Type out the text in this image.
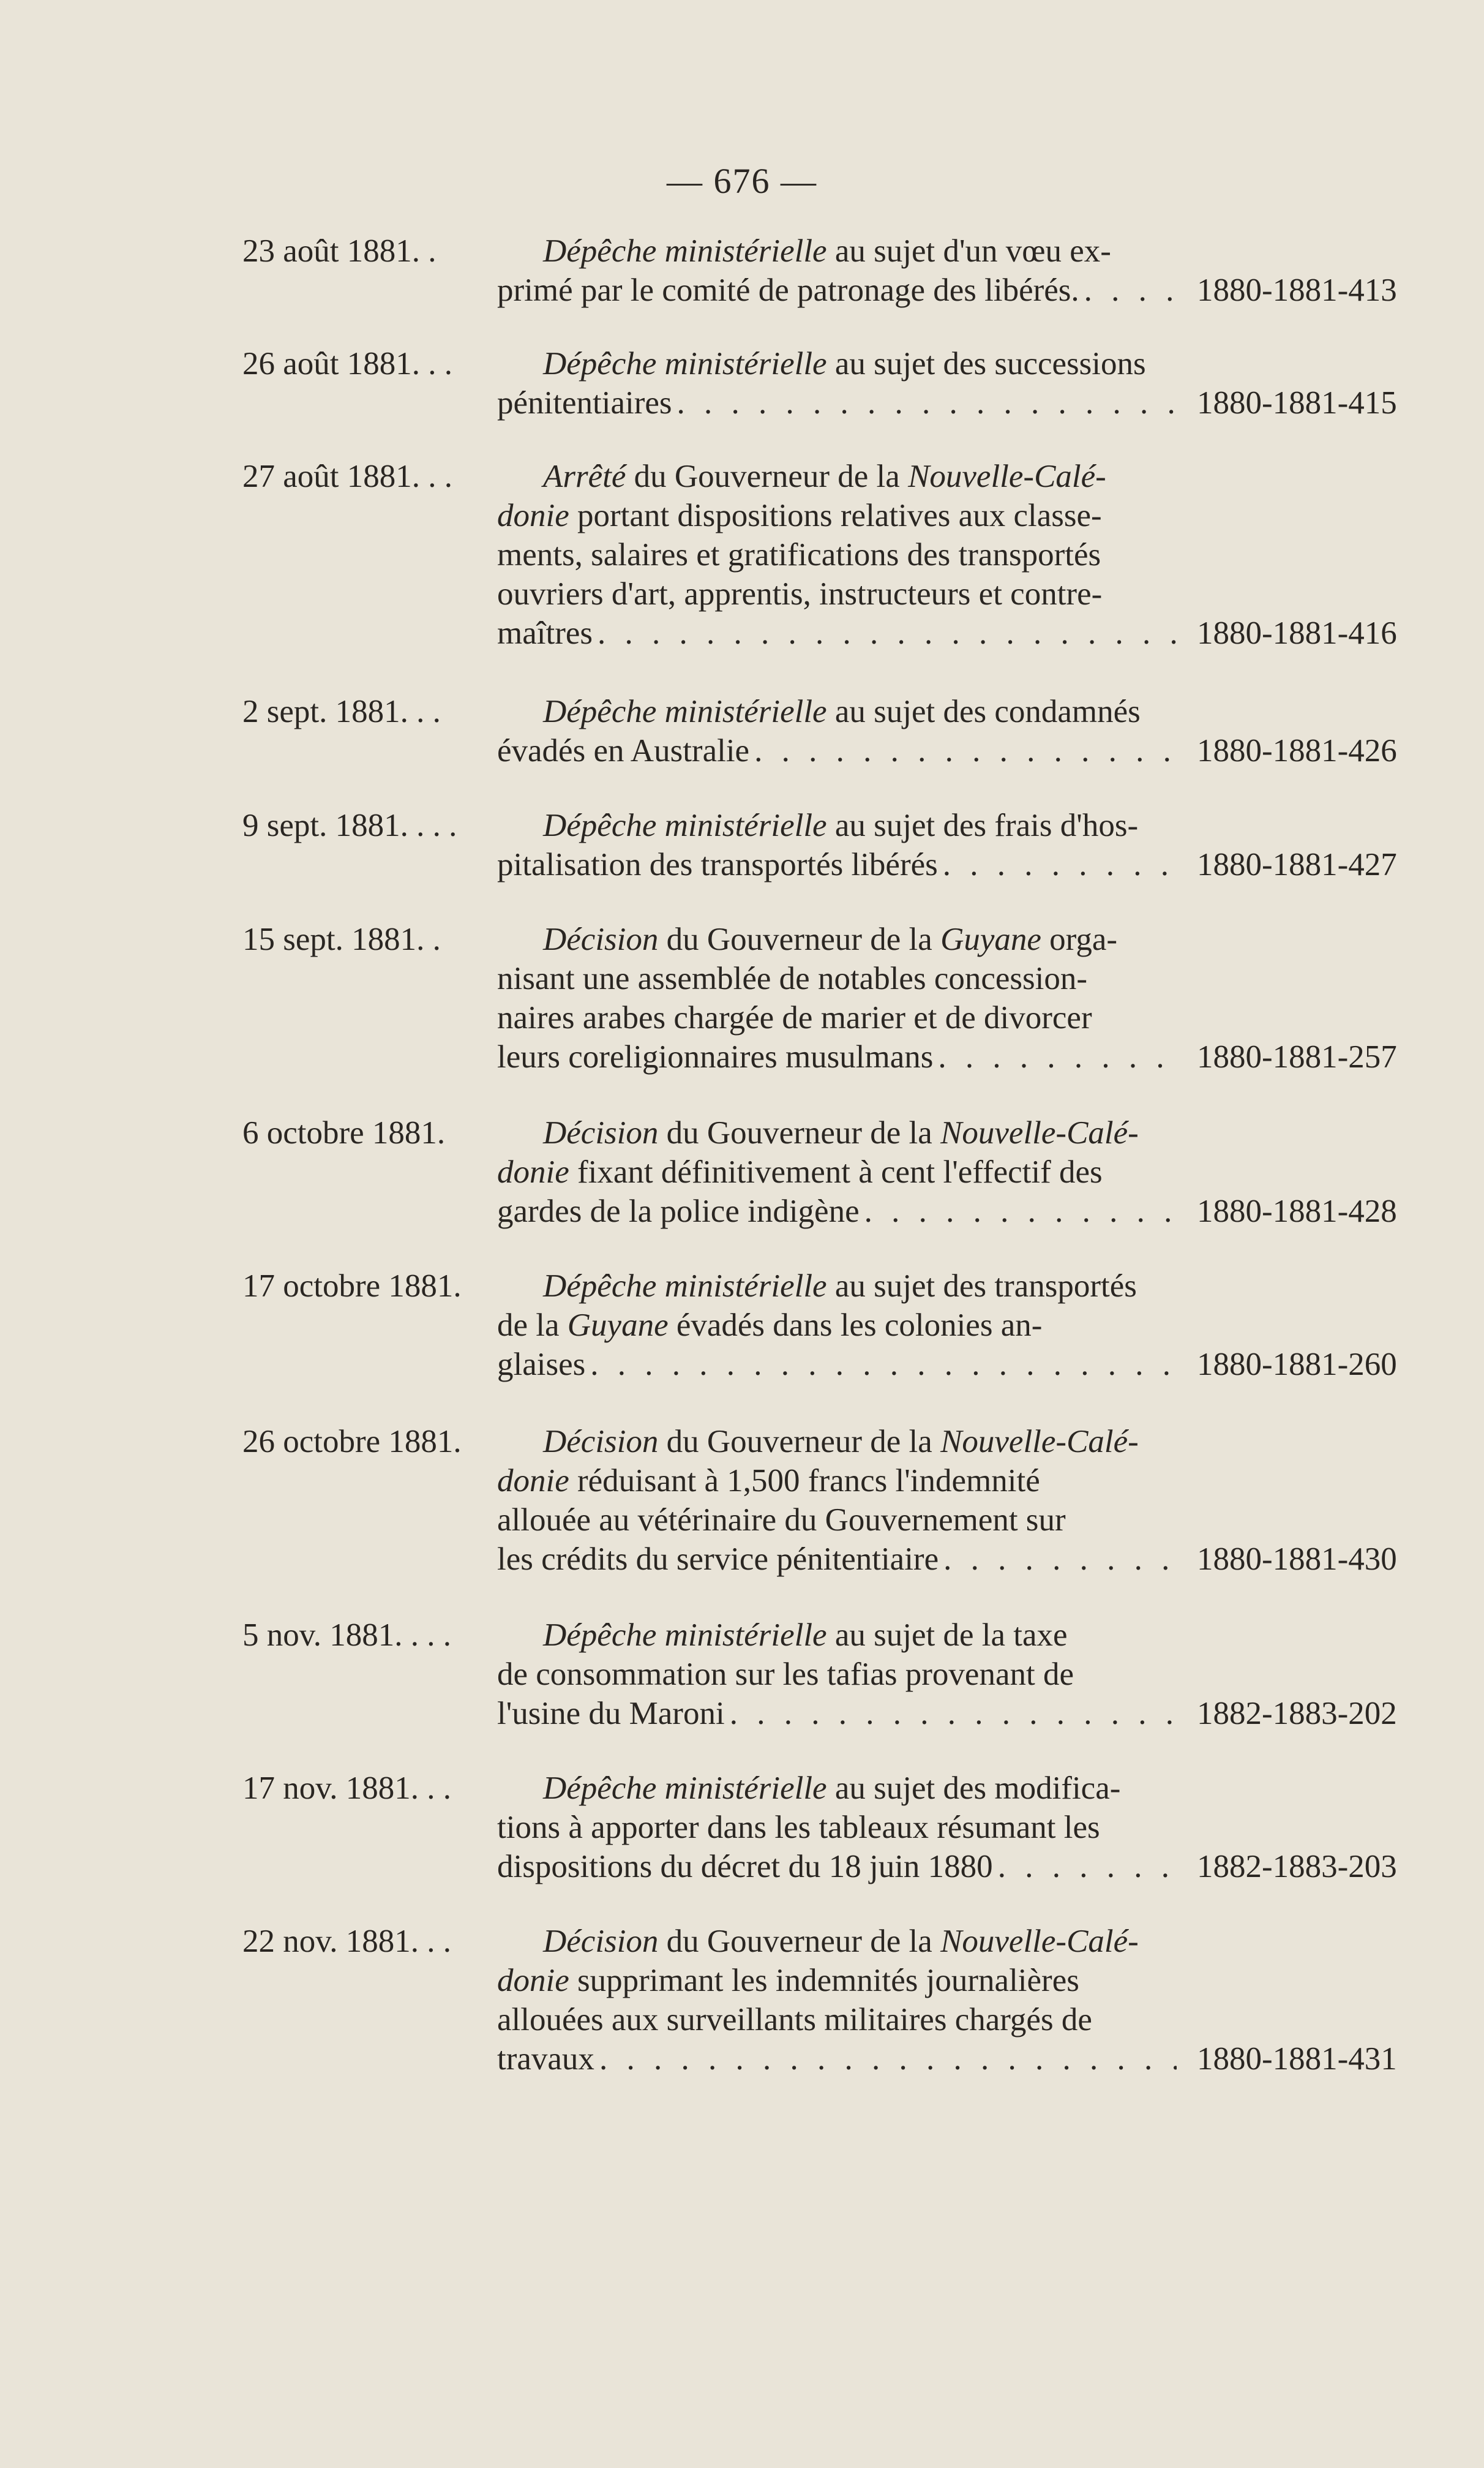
— 676 —
23 août 1881. .	Dépêche ministérielle au sujet d'un vœu ex-
primé par le comité de patronage des libérés. . . .	1880-1881-413
26 août 1881. . .	Dépêche ministérielle au sujet des successions
pénitentiaires . . .	1880-1881-415
27 août 1881. . .	Arrêté du Gouverneur de la Nouvelle-Calé-
donie portant dispositions relatives aux classe-
ments, salaires et gratifications des transportés
ouvriers d'art, apprentis, instructeurs et contre-
maîtres . . .	1880-1881-416
2 sept. 1881. . .	Dépêche ministérielle au sujet des condamnés
évadés en Australie . . .	1880-1881-426
9 sept. 1881. . . .	Dépêche ministérielle au sujet des frais d'hos-
pitalisation des transportés libérés . . .	1880-1881-427
15 sept. 1881. .	Décision du Gouverneur de la Guyane orga-
nisant une assemblée de notables concession-
naires arabes chargée de marier et de divorcer
leurs coreligionnaires musulmans . . .	1880-1881-257
6 octobre 1881.	Décision du Gouverneur de la Nouvelle-Calé-
donie fixant définitivement à cent l'effectif des
gardes de la police indigène . . .	1880-1881-428
17 octobre 1881.	Dépêche ministérielle au sujet des transportés
de la Guyane évadés dans les colonies an-
glaises . . .	1880-1881-260
26 octobre 1881.	Décision du Gouverneur de la Nouvelle-Calé-
donie réduisant à 1,500 francs l'indemnité
allouée au vétérinaire du Gouvernement sur
les crédits du service pénitentiaire . . .	1880-1881-430
5 nov. 1881. . . .	Dépêche ministérielle au sujet de la taxe
de consommation sur les tafias provenant de
l'usine du Maroni . . .	1882-1883-202
17 nov. 1881. . .	Dépêche ministérielle au sujet des modifica-
tions à apporter dans les tableaux résumant les
dispositions du décret du 18 juin 1880 . . .	1882-1883-203
22 nov. 1881. . .	Décision du Gouverneur de la Nouvelle-Calé-
donie supprimant les indemnités journalières
allouées aux surveillants militaires chargés de
travaux . . .	1880-1881-431
